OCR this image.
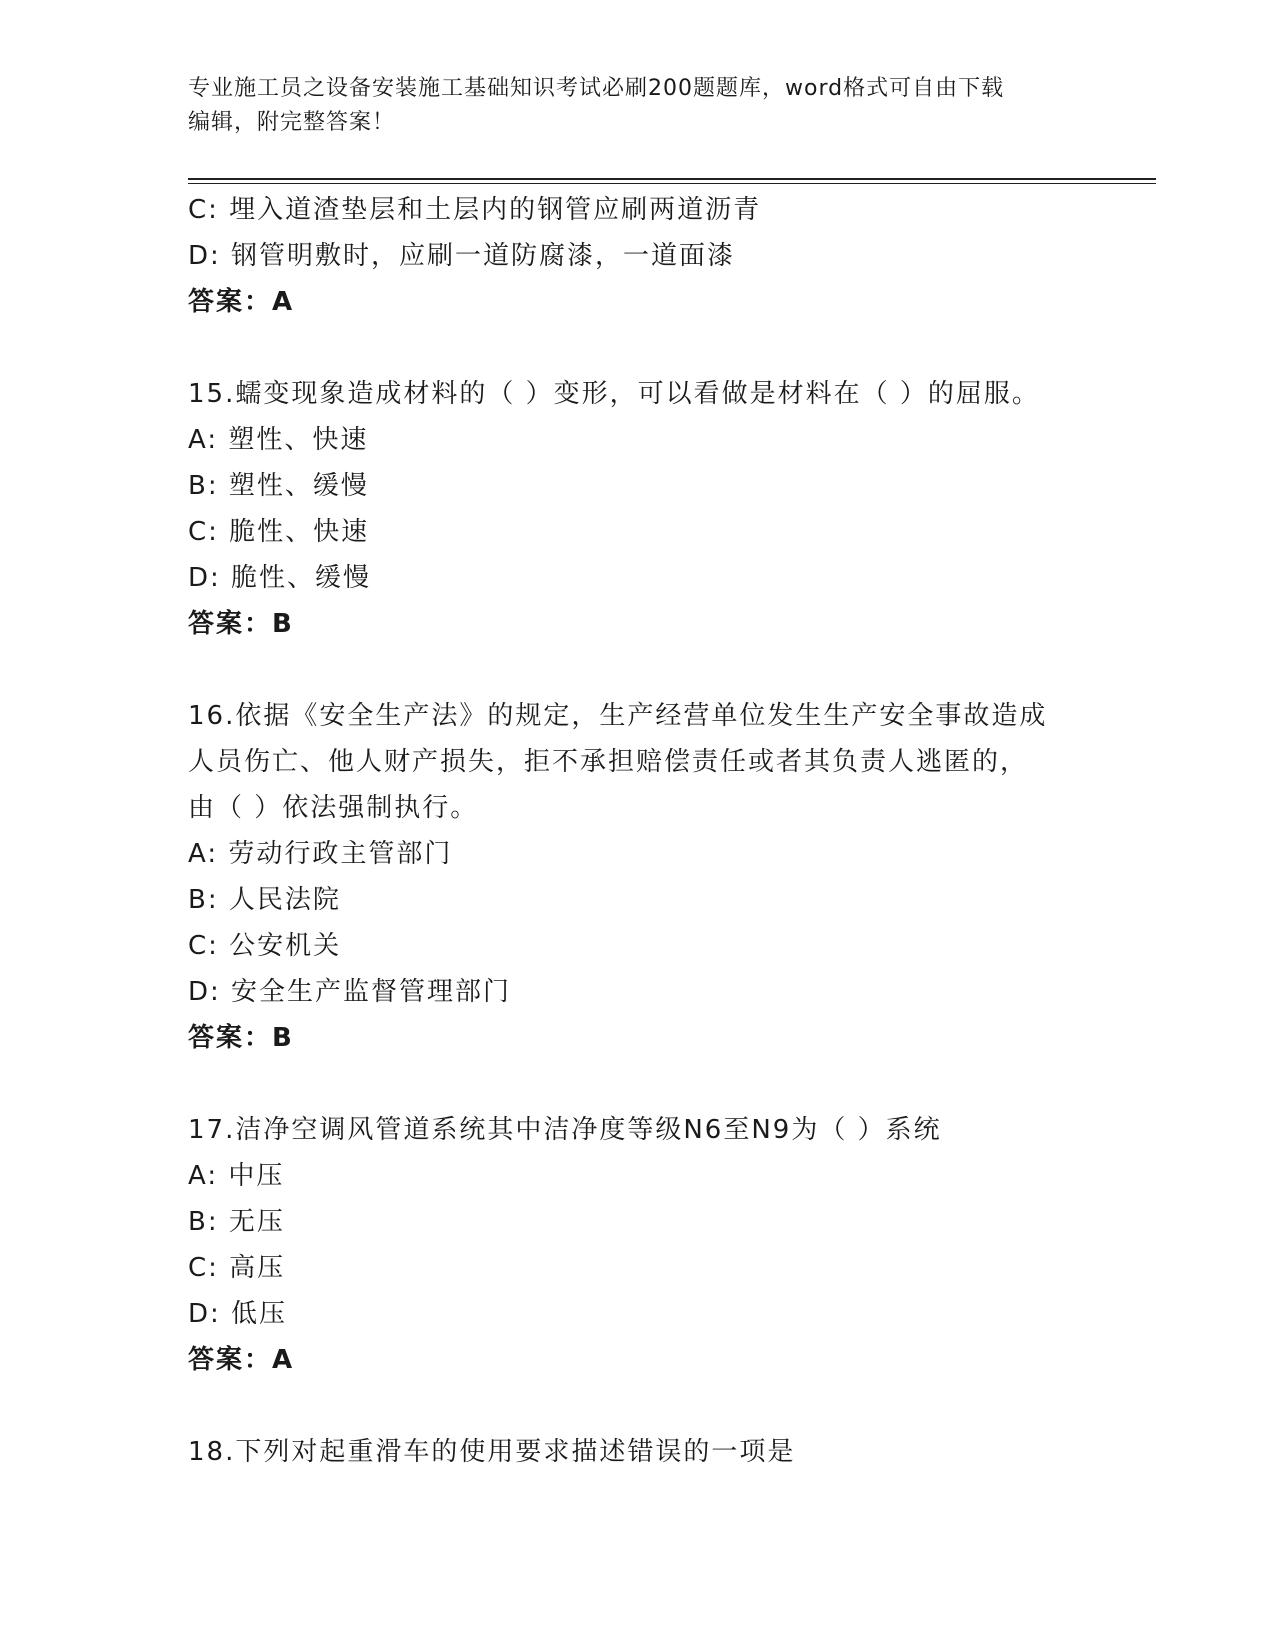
专业施工员之设备安装施工基础知识考试必刷200题题库，word格式可自由下载
编辑，附完整答案！
C: 埋入道渣垫层和土层内的钢管应刷两道沥青
D: 钢管明敷时，应刷一道防腐漆，一道面漆
答案：A
15.蠕变现象造成材料的（ ）变形，可以看做是材料在（ ）的屈服。
A: 塑性、快速
B: 塑性、缓慢
C: 脆性、快速
D: 脆性、缓慢
答案：B
16.依据《安全生产法》的规定，生产经营单位发生生产安全事故造成
人员伤亡、他人财产损失，拒不承担赔偿责任或者其负责人逃匿的，
由（ ）依法强制执行。
A: 劳动行政主管部门
B: 人民法院
C: 公安机关
D: 安全生产监督管理部门
答案：B
17.洁净空调风管道系统其中洁净度等级N6至N9为（ ）系统
A: 中压
B: 无压
C: 高压
D: 低压
答案：A
18.下列对起重滑车的使用要求描述错误的一项是
